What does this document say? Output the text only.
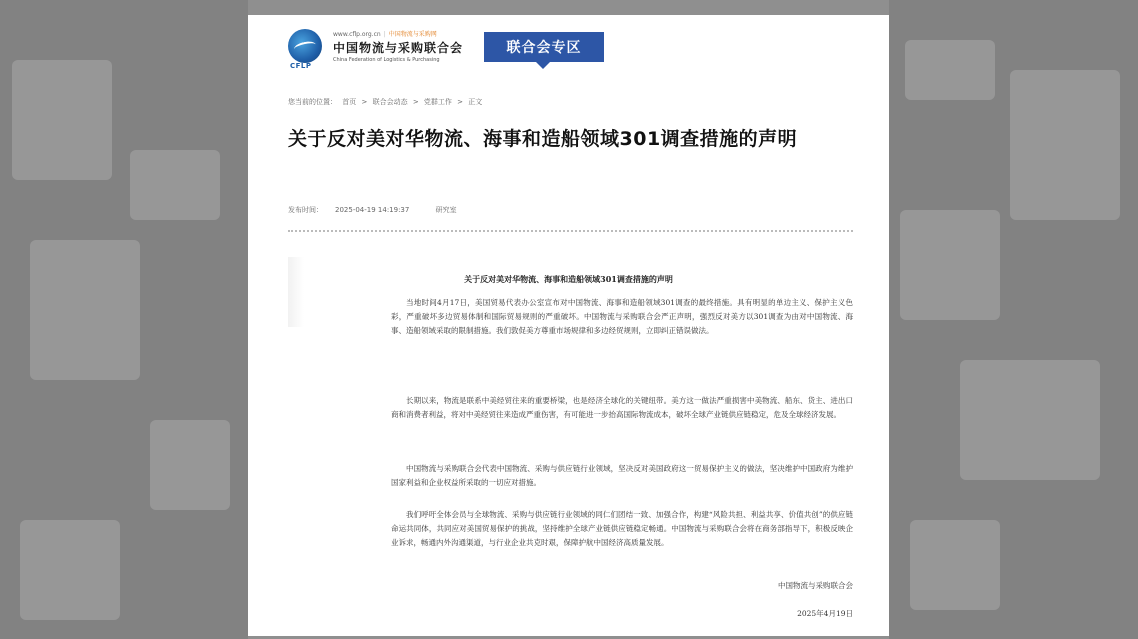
CFLP
www.cflp.org.cn | 中国物流与采购网
中国物流与采购联合会
China Federation of Logistics & Purchasing
联合会专区
您当前的位置： 首页 > 联合会动态 > 党群工作 > 正文
关于反对美对华物流、海事和造船领域301调查措施的声明
发布时间： 2025-04-19 14:19:37	研究室
关于反对美对华物流、海事和造船领域301调查措施的声明

当地时间4月17日，美国贸易代表办公室宣布对中国物流、海事和造船领域301调查的最终措施。具有明显的单边主义、保护主义色彩，严重破坏多边贸易体制和国际贸易规则的严重破坏。中国物流与采购联合会严正声明，强烈反对美方以301调查为由对中国物流、海事、造船领域采取的限制措施。我们敦促美方尊重市场规律和多边经贸规则，立即纠正错误做法。

长期以来，物流是联系中美经贸往来的重要桥梁，也是经济全球化的关键纽带。美方这一做法严重损害中美物流、船东、货主、进出口商和消费者利益，将对中美经贸往来造成严重伤害，有可能进一步抬高国际物流成本，破坏全球产业链供应链稳定，危及全球经济发展。

中国物流与采购联合会代表中国物流、采购与供应链行业领域，坚决反对美国政府这一贸易保护主义的做法，坚决维护中国政府为维护国家利益和企业权益所采取的一切应对措施。

我们呼吁全体会员与全球物流、采购与供应链行业领域的同仁们团结一致、加强合作，构建“风险共担、利益共享、价值共创”的供应链命运共同体，共同应对美国贸易保护的挑战，坚持维护全球产业链供应链稳定畅通。中国物流与采购联合会将在商务部指导下，积极反映企业诉求，畅通内外沟通渠道，与行业企业共克时艰，保障护航中国经济高质量发展。

中国物流与采购联合会
2025年4月19日
